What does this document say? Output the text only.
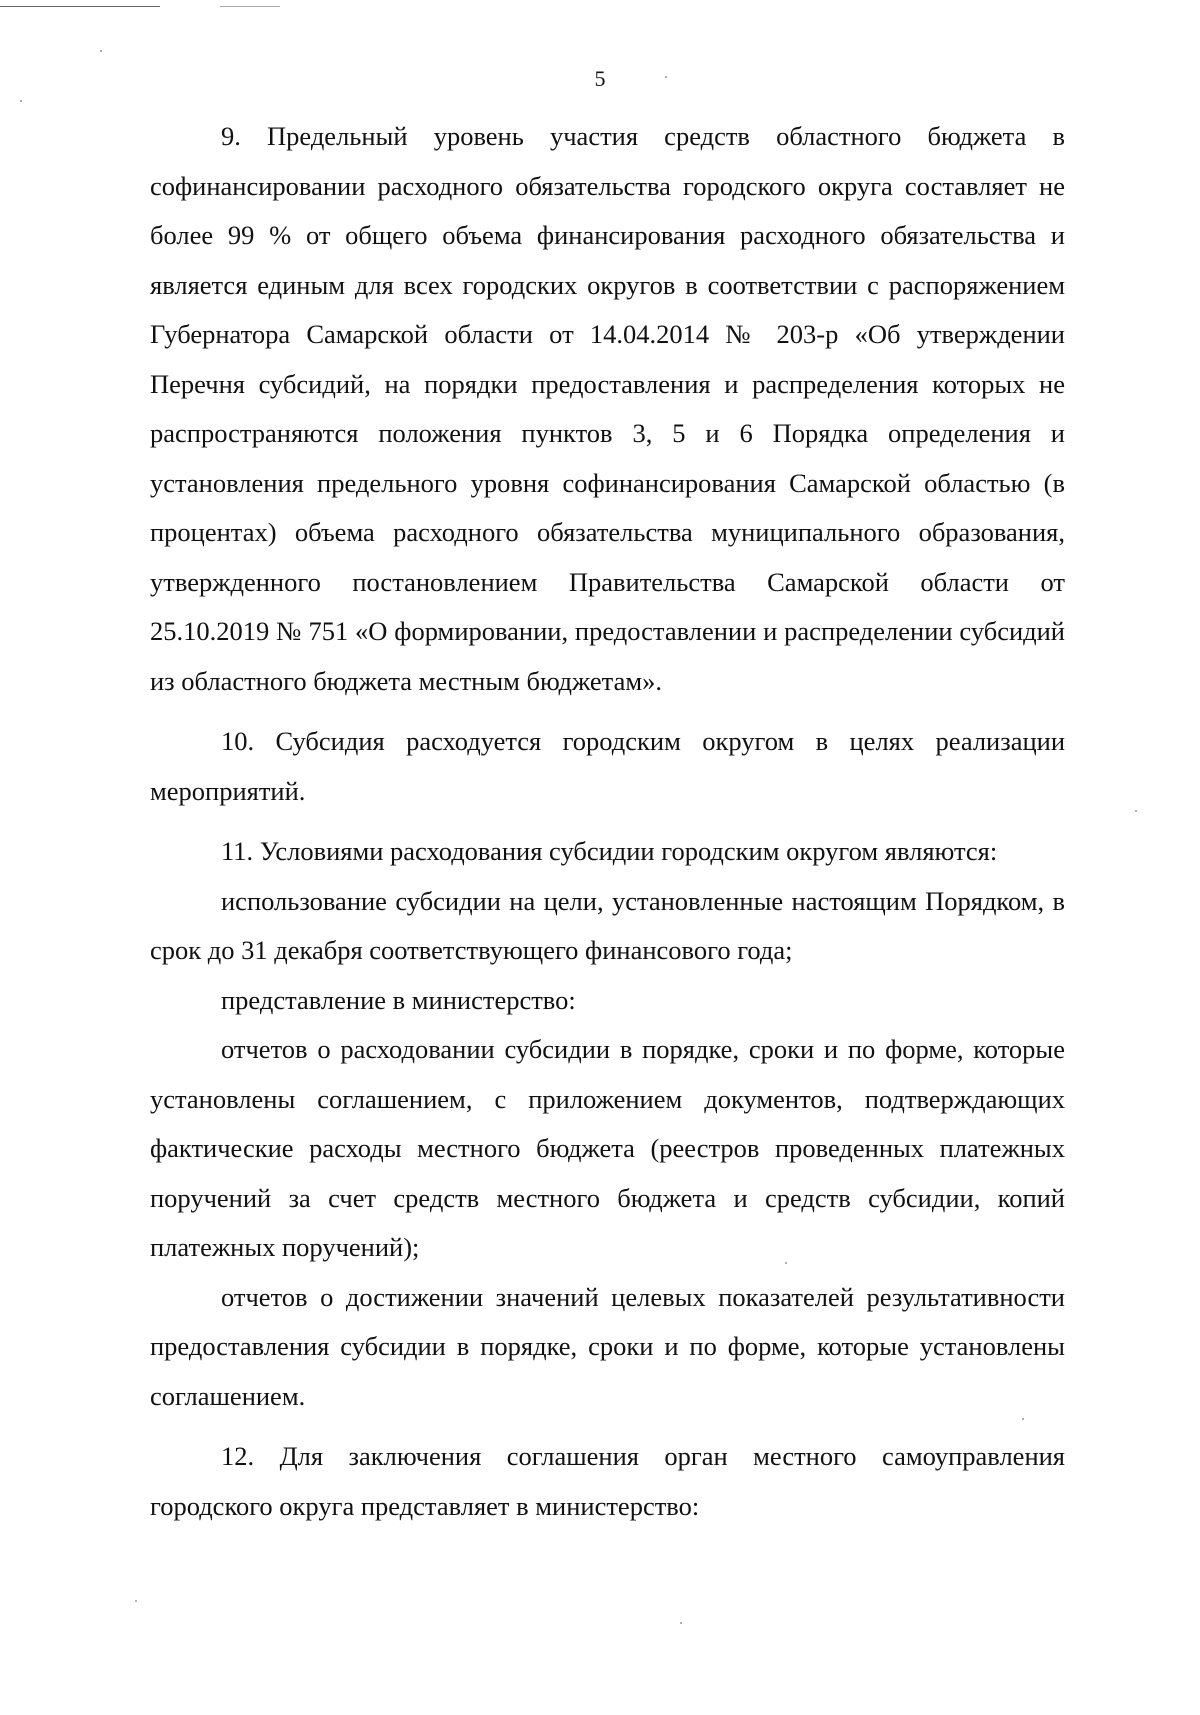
5

9. Предельный уровень участия средств областного бюджета в софинансировании расходного обязательства городского округа составляет не более 99 % от общего объема финансирования расходного обязательства и является единым для всех городских округов в соответствии с распоряжением Губернатора Самарской области от 14.04.2014 № 203-р «Об утверждении Перечня субсидий, на порядки предоставления и распределения которых не распространяются положения пунктов 3, 5 и 6 Порядка определения и установления предельного уровня софинансирования Самарской областью (в процентах) объема расходного обязательства муниципального образования, утвержденного постановлением Правительства Самарской области от 25.10.2019 № 751 «О формировании, предоставлении и распределении субсидий из областного бюджета местным бюджетам».

10. Субсидия расходуется городским округом в целях реализации мероприятий.

11. Условиями расходования субсидии городским округом являются:

использование субсидии на цели, установленные настоящим Порядком, в срок до 31 декабря соответствующего финансового года;

представление в министерство:

отчетов о расходовании субсидии в порядке, сроки и по форме, которые установлены соглашением, с приложением документов, подтверждающих фактические расходы местного бюджета (реестров проведенных платежных поручений за счет средств местного бюджета и средств субсидии, копий платежных поручений);

отчетов о достижении значений целевых показателей результативности предоставления субсидии в порядке, сроки и по форме, которые установлены соглашением.

12. Для заключения соглашения орган местного самоуправления городского округа представляет в министерство:
